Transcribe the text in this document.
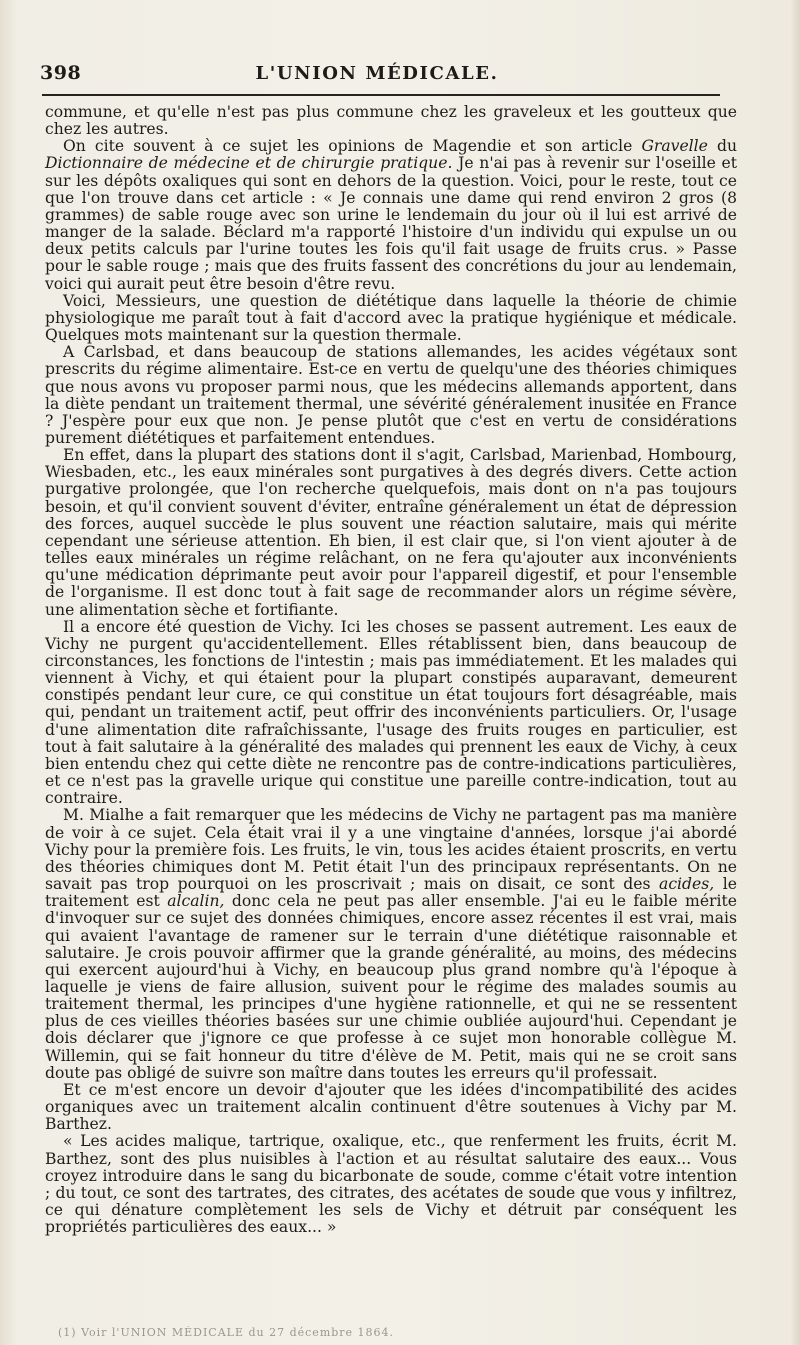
398	L'UNION MÉDICALE.

commune, et qu'elle n'est pas plus commune chez les graveleux et les goutteux que chez les autres.

On cite souvent à ce sujet les opinions de Magendie et son article Gravelle du Dictionnaire de médecine et de chirurgie pratique. Je n'ai pas à revenir sur l'oseille et sur les dépôts oxaliques qui sont en dehors de la question. Voici, pour le reste, tout ce que l'on trouve dans cet article : « Je connais une dame qui rend environ 2 gros (8 grammes) de sable rouge avec son urine le lendemain du jour où il lui est arrivé de manger de la salade. Béclard m'a rapporté l'histoire d'un individu qui expulse un ou deux petits calculs par l'urine toutes les fois qu'il fait usage de fruits crus. » Passe pour le sable rouge ; mais que des fruits fassent des concrétions du jour au lendemain, voici qui aurait peut être besoin d'être revu.

Voici, Messieurs, une question de diététique dans laquelle la théorie de chimie physiologique me paraît tout à fait d'accord avec la pratique hygiénique et médicale. Quelques mots maintenant sur la question thermale.

A Carlsbad, et dans beaucoup de stations allemandes, les acides végétaux sont prescrits du régime alimentaire. Est-ce en vertu de quelqu'une des théories chimiques que nous avons vu proposer parmi nous, que les médecins allemands apportent, dans la diète pendant un traitement thermal, une sévérité généralement inusitée en France ? J'espère pour eux que non. Je pense plutôt que c'est en vertu de considérations purement diététiques et parfaitement entendues.

En effet, dans la plupart des stations dont il s'agit, Carlsbad, Marienbad, Hombourg, Wiesbaden, etc., les eaux minérales sont purgatives à des degrés divers. Cette action purgative prolongée, que l'on recherche quelquefois, mais dont on n'a pas toujours besoin, et qu'il convient souvent d'éviter, entraîne généralement un état de dépression des forces, auquel succède le plus souvent une réaction salutaire, mais qui mérite cependant une sérieuse attention. Eh bien, il est clair que, si l'on vient ajouter à de telles eaux minérales un régime relâchant, on ne fera qu'ajouter aux inconvénients qu'une médication déprimante peut avoir pour l'appareil digestif, et pour l'ensemble de l'organisme. Il est donc tout à fait sage de recommander alors un régime sévère, une alimentation sèche et fortifiante.

Il a encore été question de Vichy. Ici les choses se passent autrement. Les eaux de Vichy ne purgent qu'accidentellement. Elles rétablissent bien, dans beaucoup de circonstances, les fonctions de l'intestin ; mais pas immédiatement. Et les malades qui viennent à Vichy, et qui étaient pour la plupart constipés auparavant, demeurent constipés pendant leur cure, ce qui constitue un état toujours fort désagréable, mais qui, pendant un traitement actif, peut offrir des inconvénients particuliers. Or, l'usage d'une alimentation dite rafraîchissante, l'usage des fruits rouges en particulier, est tout à fait salutaire à la généralité des malades qui prennent les eaux de Vichy, à ceux bien entendu chez qui cette diète ne rencontre pas de contre-indications particulières, et ce n'est pas la gravelle urique qui constitue une pareille contre-indication, tout au contraire.

M. Mialhe a fait remarquer que les médecins de Vichy ne partagent pas ma manière de voir à ce sujet. Cela était vrai il y a une vingtaine d'années, lorsque j'ai abordé Vichy pour la première fois. Les fruits, le vin, tous les acides étaient proscrits, en vertu des théories chimiques dont M. Petit était l'un des principaux représentants. On ne savait pas trop pourquoi on les proscrivait ; mais on disait, ce sont des acides, le traitement est alcalin, donc cela ne peut pas aller ensemble. J'ai eu le faible mérite d'invoquer sur ce sujet des données chimiques, encore assez récentes il est vrai, mais qui avaient l'avantage de ramener sur le terrain d'une diététique raisonnable et salutaire. Je crois pouvoir affirmer que la grande généralité, au moins, des médecins qui exercent aujourd'hui à Vichy, en beaucoup plus grand nombre qu'à l'époque à laquelle je viens de faire allusion, suivent pour le régime des malades soumis au traitement thermal, les principes d'une hygiène rationnelle, et qui ne se ressentent plus de ces vieilles théories basées sur une chimie oubliée aujourd'hui. Cependant je dois déclarer que j'ignore ce que professe à ce sujet mon honorable collègue M. Willemin, qui se fait honneur du titre d'élève de M. Petit, mais qui ne se croit sans doute pas obligé de suivre son maître dans toutes les erreurs qu'il professait.

Et ce m'est encore un devoir d'ajouter que les idées d'incompatibilité des acides organiques avec un traitement alcalin continuent d'être soutenues à Vichy par M. Barthez.

« Les acides malique, tartrique, oxalique, etc., que renferment les fruits, écrit M. Barthez, sont des plus nuisibles à l'action et au résultat salutaire des eaux... Vous croyez introduire dans le sang du bicarbonate de soude, comme c'était votre intention ; du tout, ce sont des tartrates, des citrates, des acétates de soude que vous y infiltrez, ce qui dénature complètement les sels de Vichy et détruit par conséquent les propriétés particulières des eaux... »

(1) Voir l'UNION MÉDICALE du 27 décembre 1864.
